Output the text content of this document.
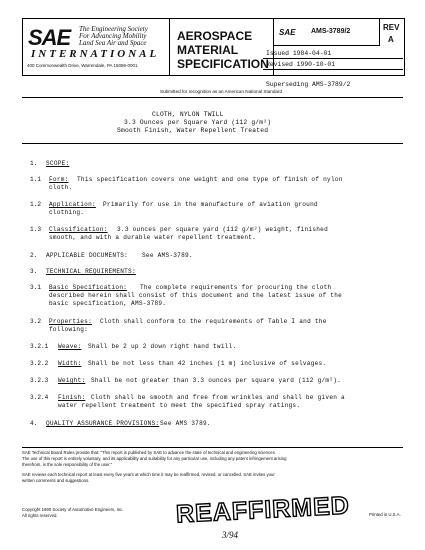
SAE The Engineering Society
For Advancing Mobility
Land Sea Air and Space
INTERNATIONAL
400 Commonwealth Drive, Warrendale, PA 15096-0001
AEROSPACE
MATERIAL
SPECIFICATION
SAE AMS-3789/2	REV
A
Issued 1984-04-01
Revised 1990-10-01
Superseding AMS-3789/2
Submitted for recognition as an American National Standard
CLOTH, NYLON TWILL
3.3 Ounces per Square Yard (112 g/m²)
Smooth Finish, Water Repellent Treated
1. SCOPE:
1.1 Form: This specification covers one weight and one type of finish of nylon
cloth.
1.2 Application: Primarily for use in the manufacture of aviation ground
clothing.
1.3 Classification: 3.3 ounces per square yard (112 g/m²) weight, finished
smooth, and with a durable water repellent treatment.
2. APPLICABLE DOCUMENTS: See AMS-3789.
3. TECHNICAL REQUIREMENTS:
3.1 Basic Specification: The complete requirements for procuring the cloth
described herein shall consist of this document and the latest issue of the
basic specification, AMS-3789.
3.2 Properties: Cloth shall conform to the requirements of Table I and the
following:
3.2.1 Weave: Shall be 2 up 2 down right hand twill.
3.2.2 Width: Shall be not less than 42 inches (1 m) inclusive of selvages.
3.2.3 Weight: Shall be not greater than 3.3 ounces per square yard (112 g/m²).
3.2.4 Finish: Cloth shall be smooth and free from wrinkles and shall be given a
water repellent treatment to meet the specified spray ratings.
4. QUALITY ASSURANCE PROVISIONS: See AMS 3789.
SAE Technical Board Rules provide that: "This report is published by SAE to advance the state of technical and engineering sciences.
The use of this report is entirely voluntary, and its applicability and suitability for any particular use, including any patent infringement arising
therefrom, is the sole responsibility of the user."
SAE reviews each technical report at least every five years at which time it may be reaffirmed, revised, or cancelled. SAE invites your
written comments and suggestions.
Copyright 1990 Society of Automotive Engineers, Inc.
All rights reserved.	Printed in U.S.A.
REAFFIRMED
3/94
